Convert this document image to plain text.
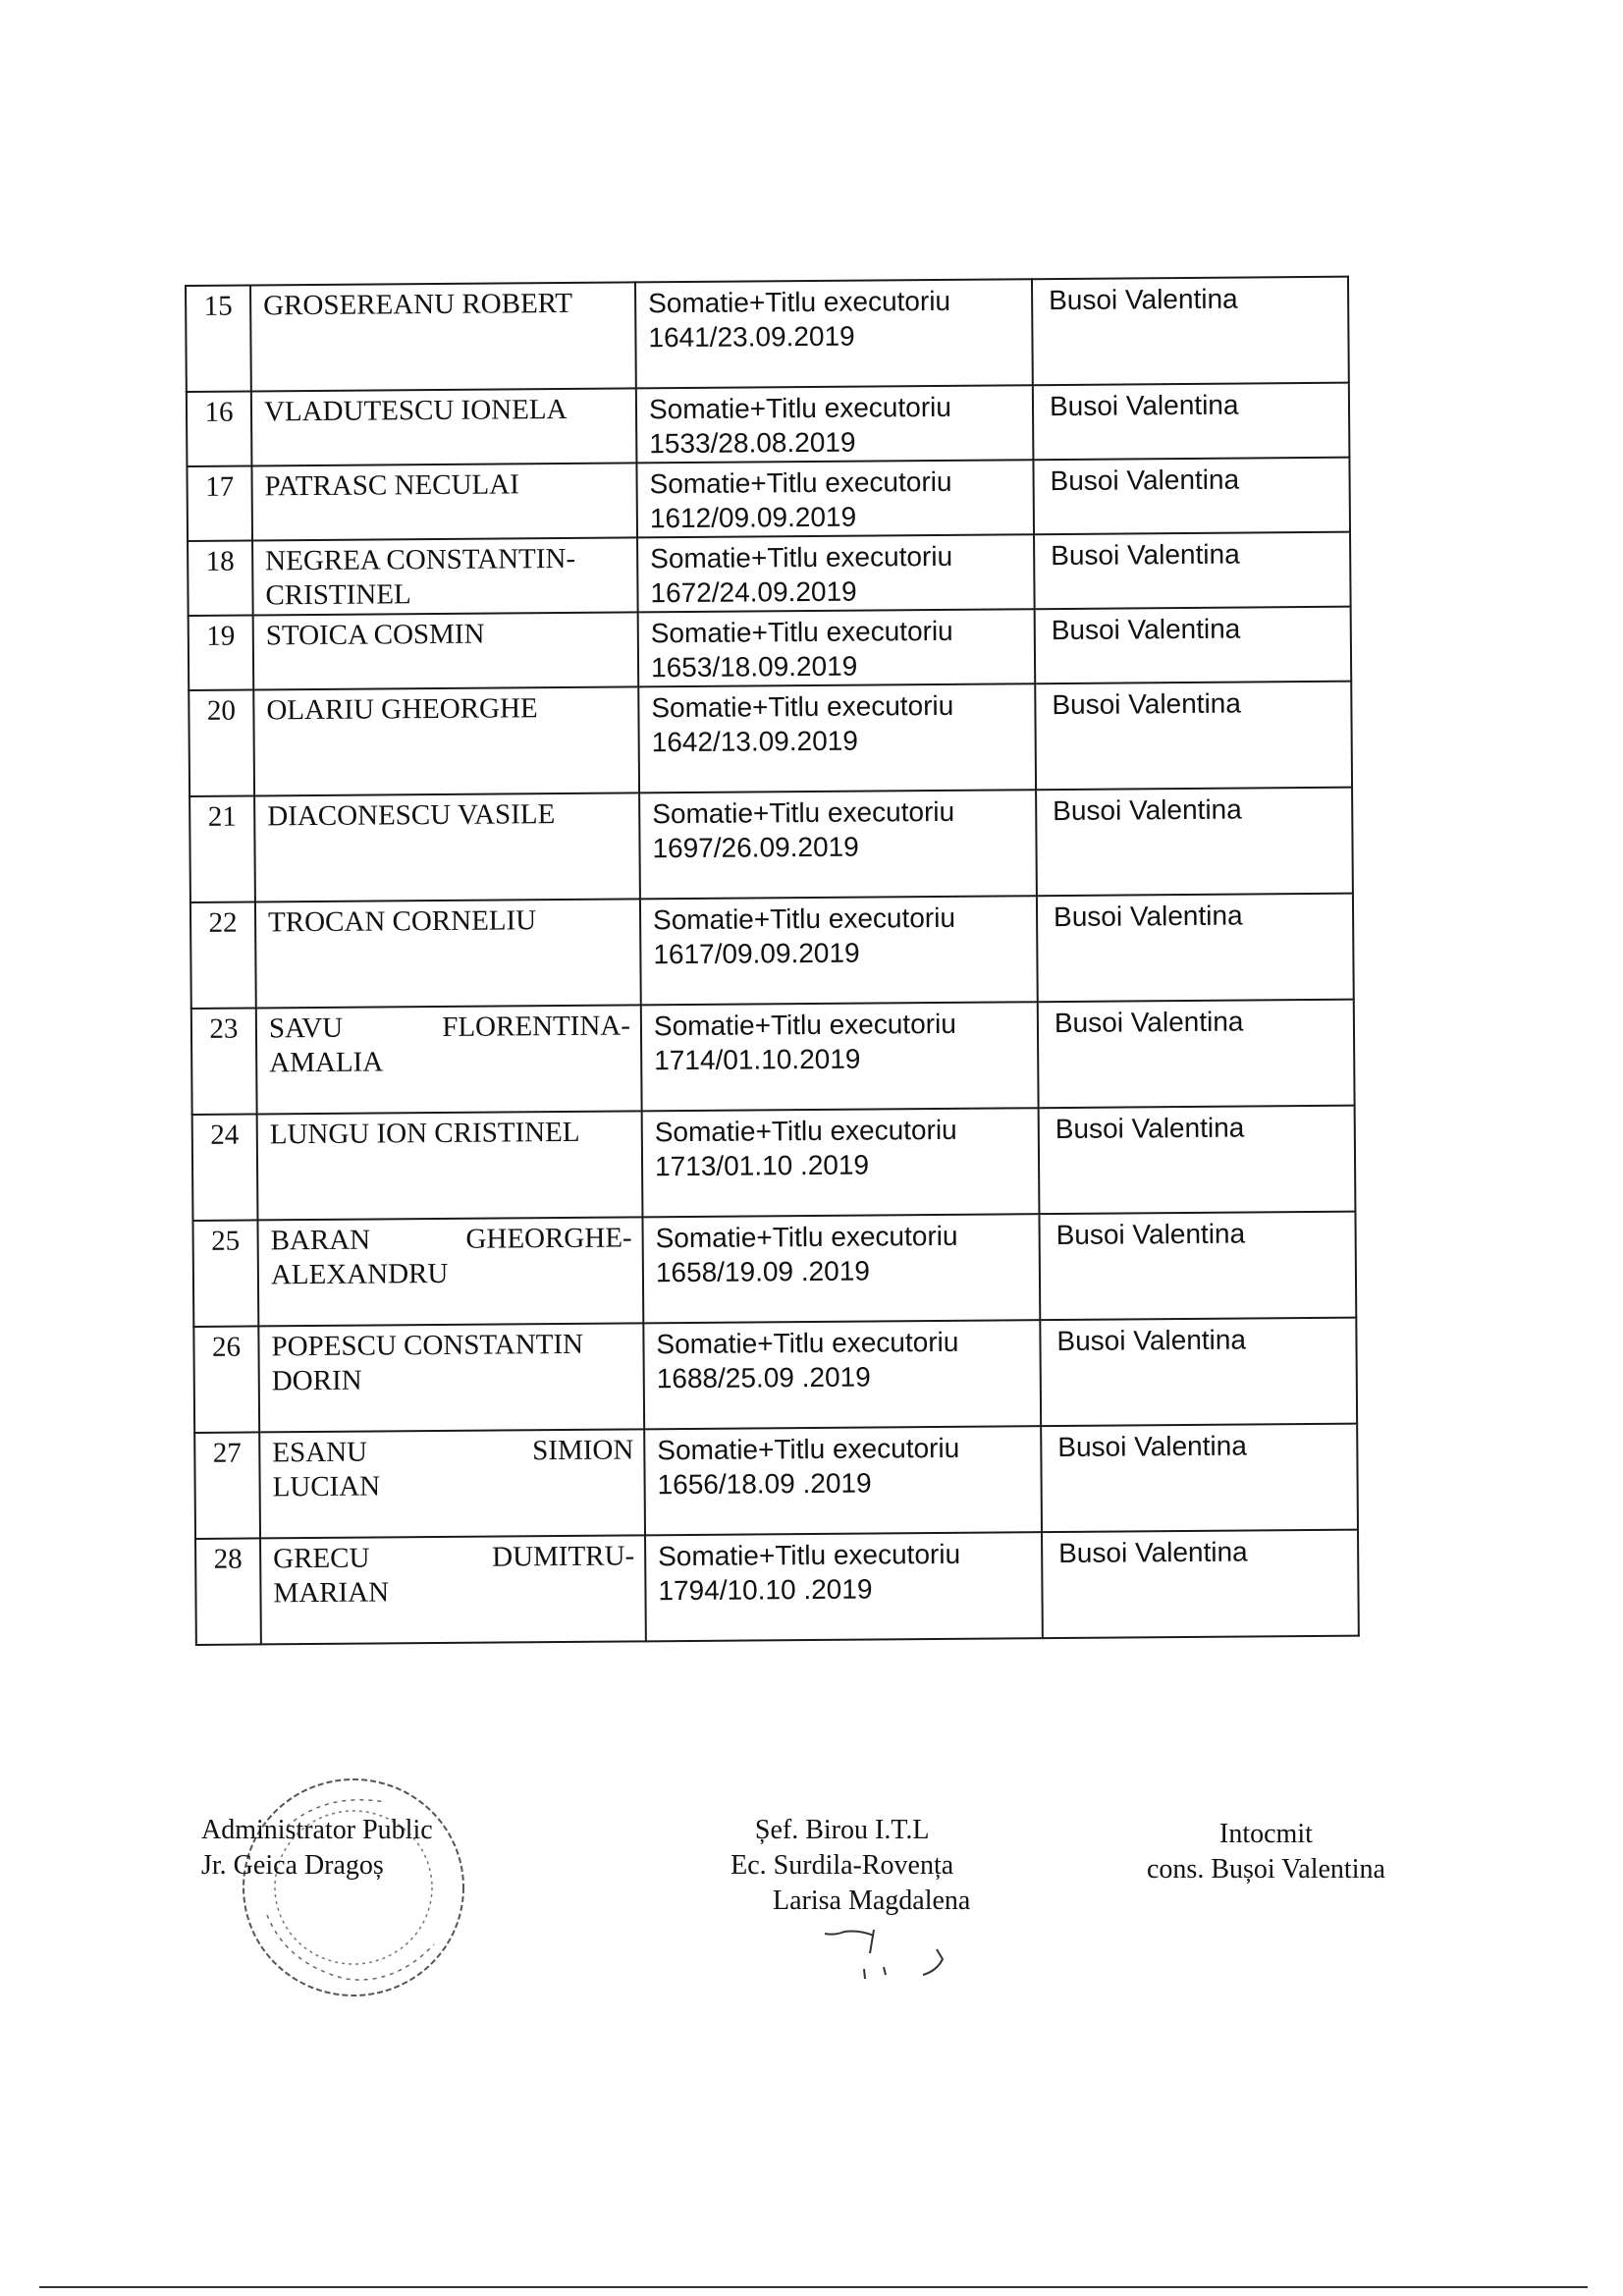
15	GROSEREANU ROBERT	Somatie+Titlu executoriu
1641/23.09.2019	Busoi Valentina
16	VLADUTESCU IONELA	Somatie+Titlu executoriu
1533/28.08.2019	Busoi Valentina
17	PATRASC NECULAI	Somatie+Titlu executoriu
1612/09.09.2019	Busoi Valentina
18	NEGREA CONSTANTIN-
CRISTINEL	Somatie+Titlu executoriu
1672/24.09.2019	Busoi Valentina
19	STOICA COSMIN	Somatie+Titlu executoriu
1653/18.09.2019	Busoi Valentina
20	OLARIU GHEORGHE	Somatie+Titlu executoriu
1642/13.09.2019	Busoi Valentina
21	DIACONESCU VASILE	Somatie+Titlu executoriu
1697/26.09.2019	Busoi Valentina
22	TROCAN CORNELIU	Somatie+Titlu executoriu
1617/09.09.2019	Busoi Valentina
23	SAVU FLORENTINA-
AMALIA	Somatie+Titlu executoriu
1714/01.10.2019	Busoi Valentina
24	LUNGU ION CRISTINEL	Somatie+Titlu executoriu
1713/01.10 .2019	Busoi Valentina
25	BARAN GHEORGHE-
ALEXANDRU	Somatie+Titlu executoriu
1658/19.09 .2019	Busoi Valentina
26	POPESCU CONSTANTIN
DORIN	Somatie+Titlu executoriu
1688/25.09 .2019	Busoi Valentina
27	ESANU SIMION
LUCIAN	Somatie+Titlu executoriu
1656/18.09 .2019	Busoi Valentina
28	GRECU DUMITRU-
MARIAN	Somatie+Titlu executoriu
1794/10.10 .2019	Busoi Valentina
Administrator Public
Jr. Geica Dragoș
Șef. Birou I.T.L
Ec. Surdila-Rovența
Larisa Magdalena
Intocmit
cons. Bușoi Valentina
